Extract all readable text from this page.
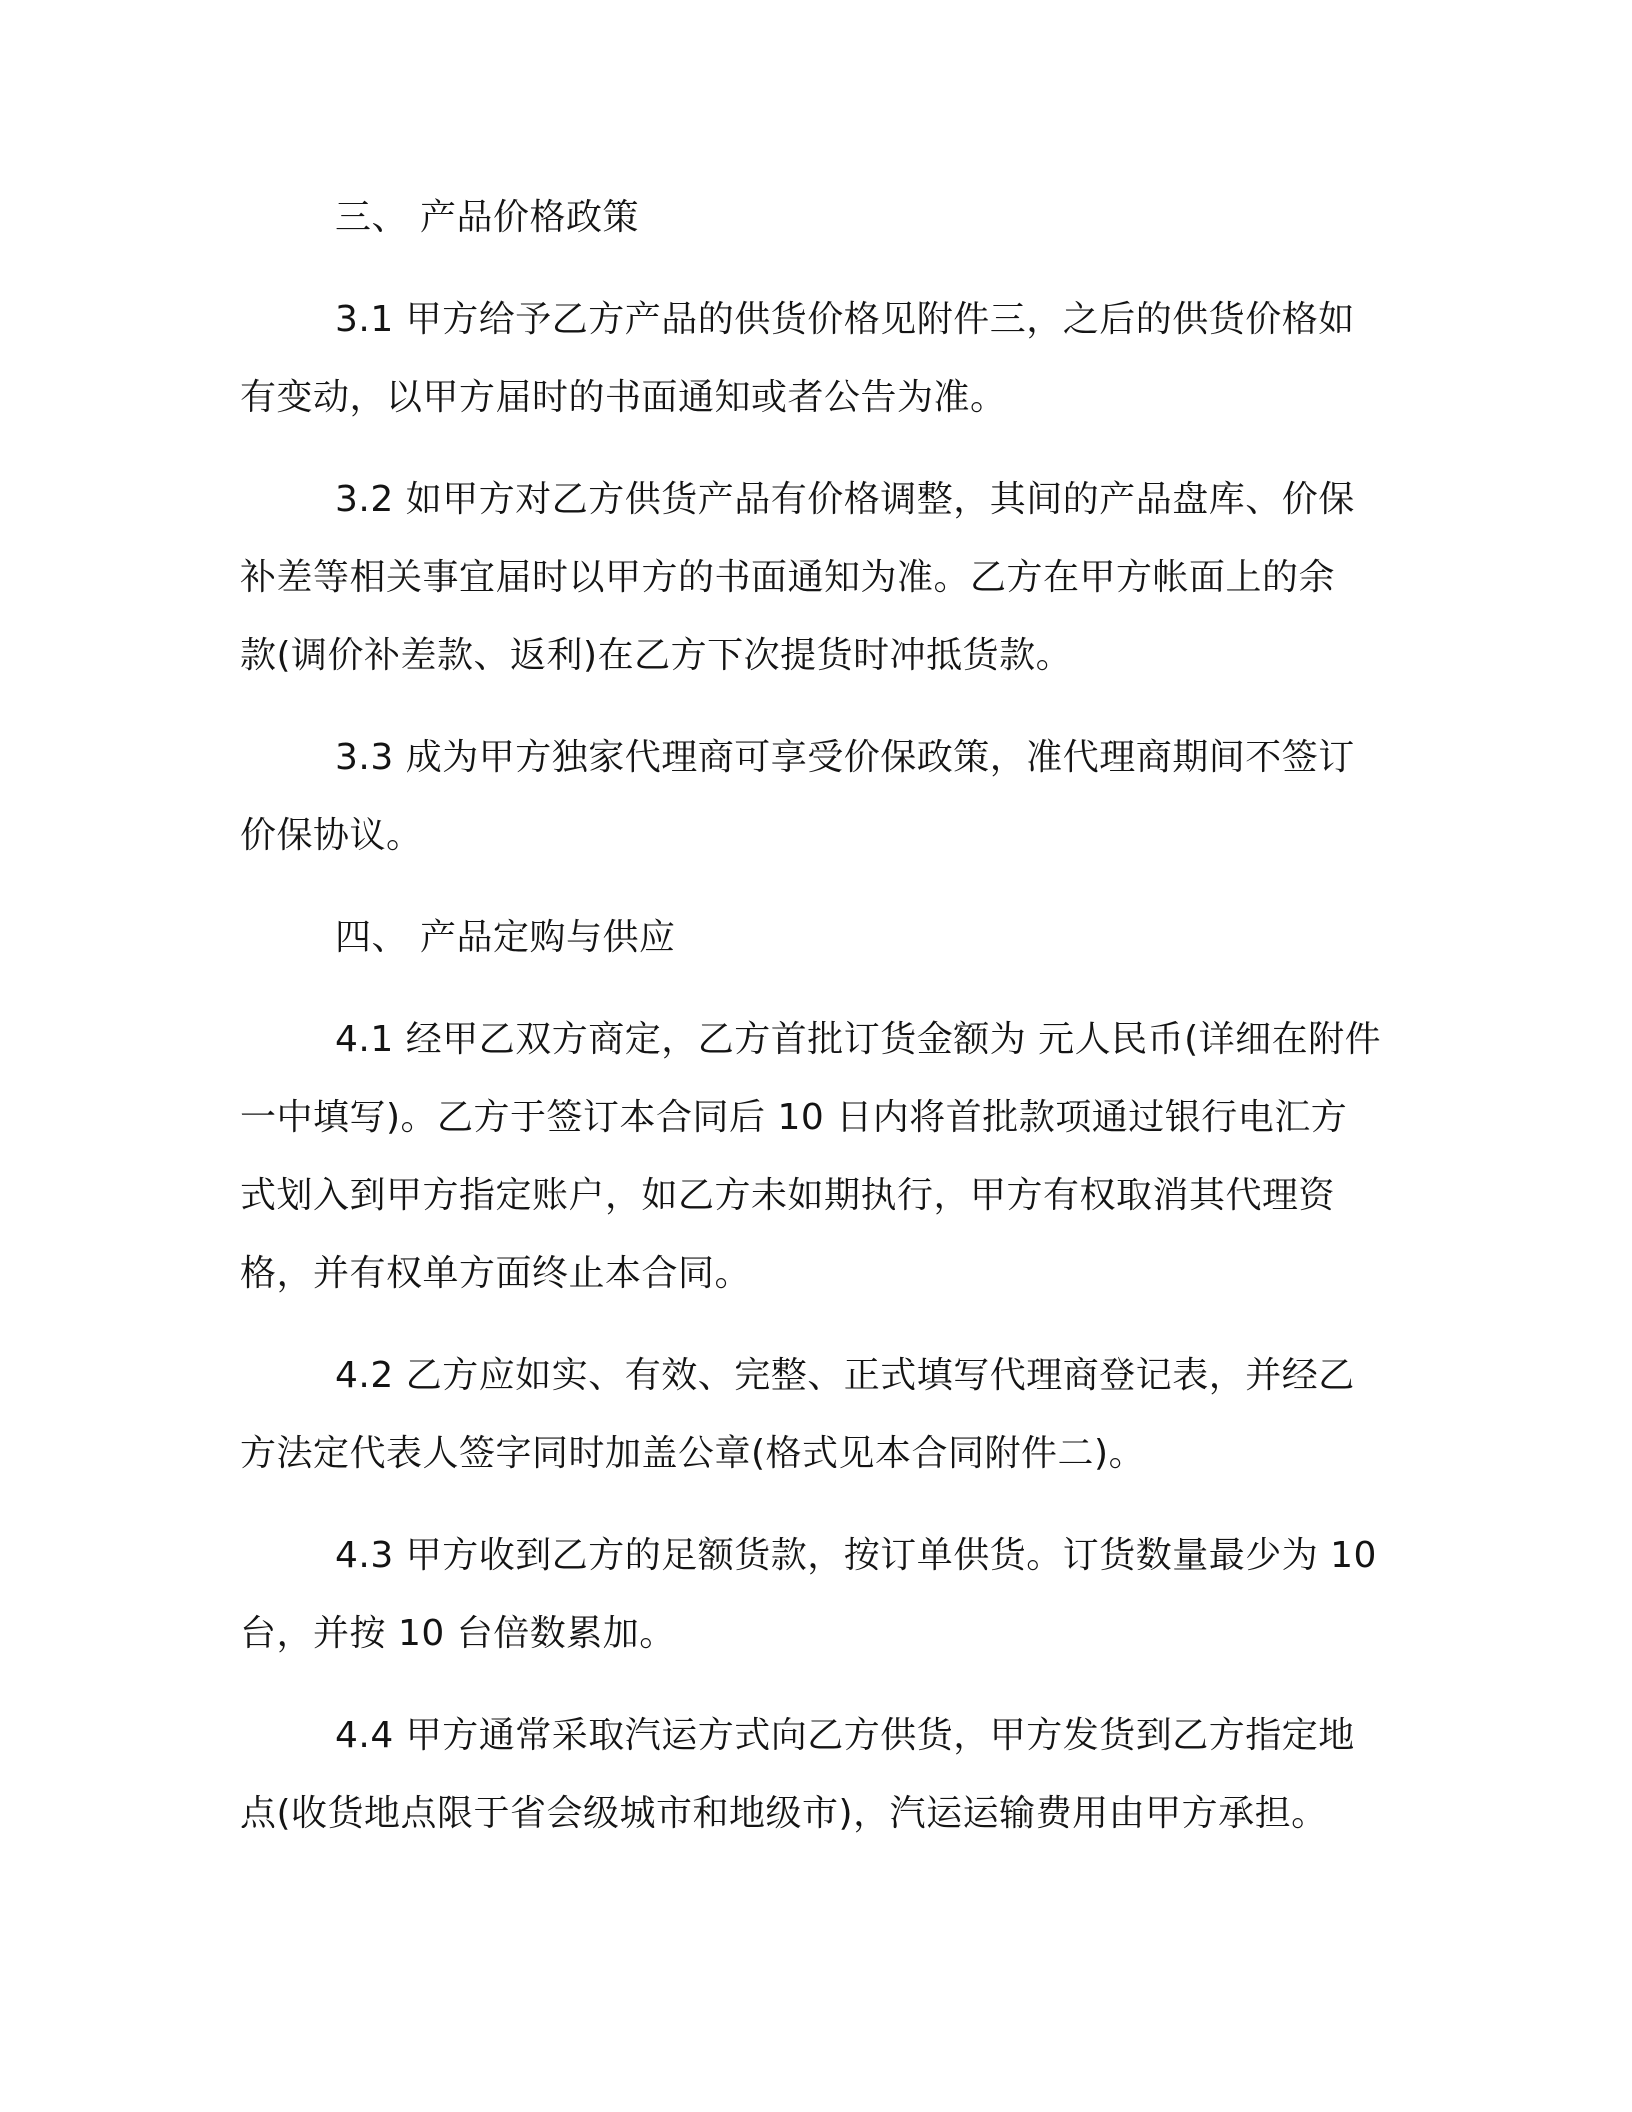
三、 产品价格政策
3.1 甲方给予乙方产品的供货价格见附件三，之后的供货价格如
有变动，以甲方届时的书面通知或者公告为准。
3.2 如甲方对乙方供货产品有价格调整，其间的产品盘库、价保
补差等相关事宜届时以甲方的书面通知为准。乙方在甲方帐面上的余
款(调价补差款、返利)在乙方下次提货时冲抵货款。
3.3 成为甲方独家代理商可享受价保政策，准代理商期间不签订
价保协议。
四、 产品定购与供应
4.1 经甲乙双方商定，乙方首批订货金额为 元人民币(详细在附件
一中填写)。乙方于签订本合同后 10 日内将首批款项通过银行电汇方
式划入到甲方指定账户，如乙方未如期执行，甲方有权取消其代理资
格，并有权单方面终止本合同。
4.2 乙方应如实、有效、完整、正式填写代理商登记表，并经乙
方法定代表人签字同时加盖公章(格式见本合同附件二)。
4.3 甲方收到乙方的足额货款，按订单供货。订货数量最少为 10
台，并按 10 台倍数累加。
4.4 甲方通常采取汽运方式向乙方供货，甲方发货到乙方指定地
点(收货地点限于省会级城市和地级市)，汽运运输费用由甲方承担。
